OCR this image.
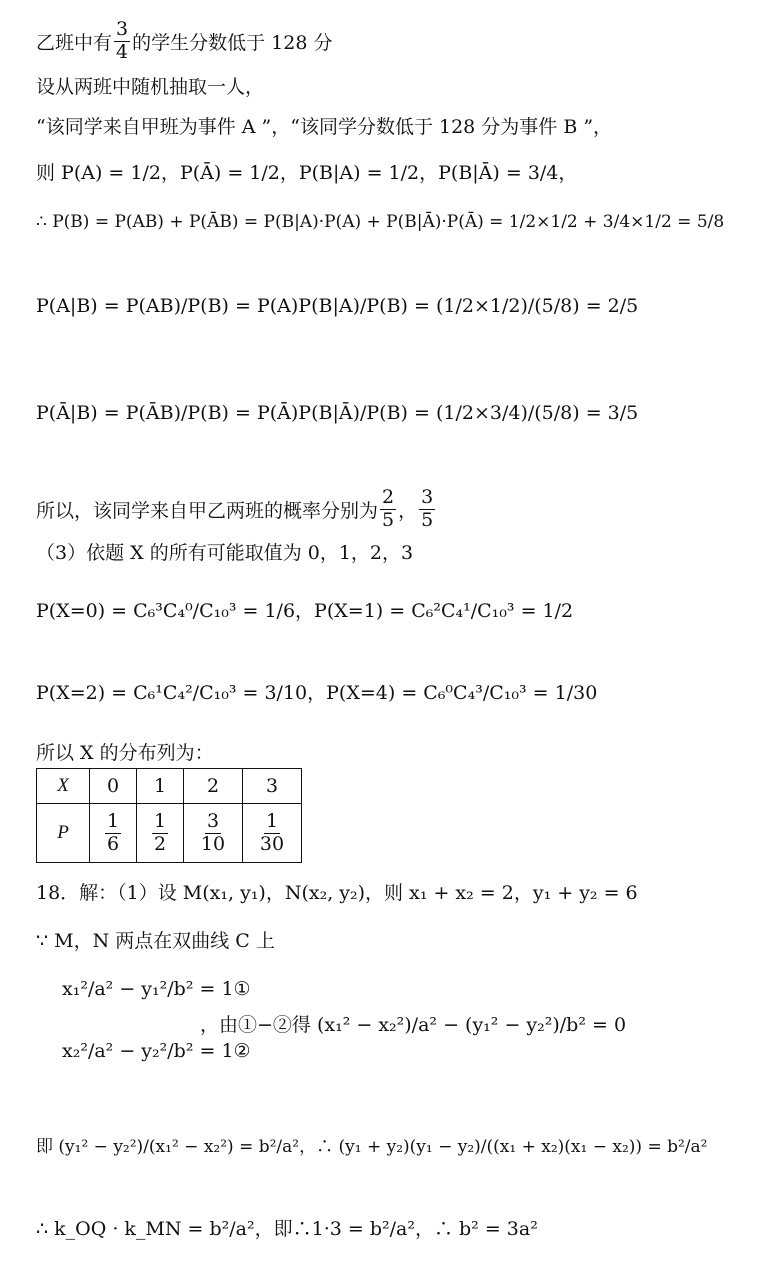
乙班中有 $\frac{3}{4}$ 的学生分数低于 128 分
设从两班中随机抽取一人，
“该同学来自甲班为事件 A ”，“该同学分数低于 128 分为事件 B ”，
则 P(A) = 1/2，P(Ā) = 1/2，P(B|A) = 1/2，P(B|Ā) = 3/4，
∴ P(B) = P(AB) + P(ĀB) = P(B|A)·P(A) + P(B|Ā)·P(Ā) = 1/2×1/2 + 3/4×1/2 = 5/8
P(A|B) = P(AB)/P(B) = P(A)P(B|A)/P(B) = (1/2×1/2)/(5/8) = 2/5
P(Ā|B) = P(ĀB)/P(B) = P(Ā)P(B|Ā)/P(B) = (1/2×3/4)/(5/8) = 3/5
所以，该同学来自甲乙两班的概率分别为 $\frac{2}{5}$ ， $\frac{3}{5}$
（3）依题 X 的所有可能取值为 0，1，2，3
P(X=0) = C₆³C₄⁰/C₁₀³ = 1/6，P(X=1) = C₆²C₄¹/C₁₀³ = 1/2
P(X=2) = C₆¹C₄²/C₁₀³ = 3/10，P(X=4) = C₆⁰C₄³/C₁₀³ = 1/30
所以 X 的分布列为：
X	0	1	2	3
P	$\frac{1}{6}$	$\frac{1}{2}$	$\frac{3}{10}$	$\frac{1}{30}$
18．解：（1）设 M(x₁, y₁)，N(x₂, y₂)，则 x₁ + x₂ = 2，y₁ + y₂ = 6
∵ M，N 两点在双曲线 C 上
x₁²/a² − y₁²/b² = 1①
x₂²/a² − y₂²/b² = 1②
，由①−②得 (x₁² − x₂²)/a² − (y₁² − y₂²)/b² = 0
即 (y₁² − y₂²)/(x₁² − x₂²) = b²/a²，∴ (y₁ + y₂)(y₁ − y₂)/((x₁ + x₂)(x₁ − x₂)) = b²/a²
∴ k_OQ · k_MN = b²/a²，即∴1·3 = b²/a²，∴ b² = 3a²
